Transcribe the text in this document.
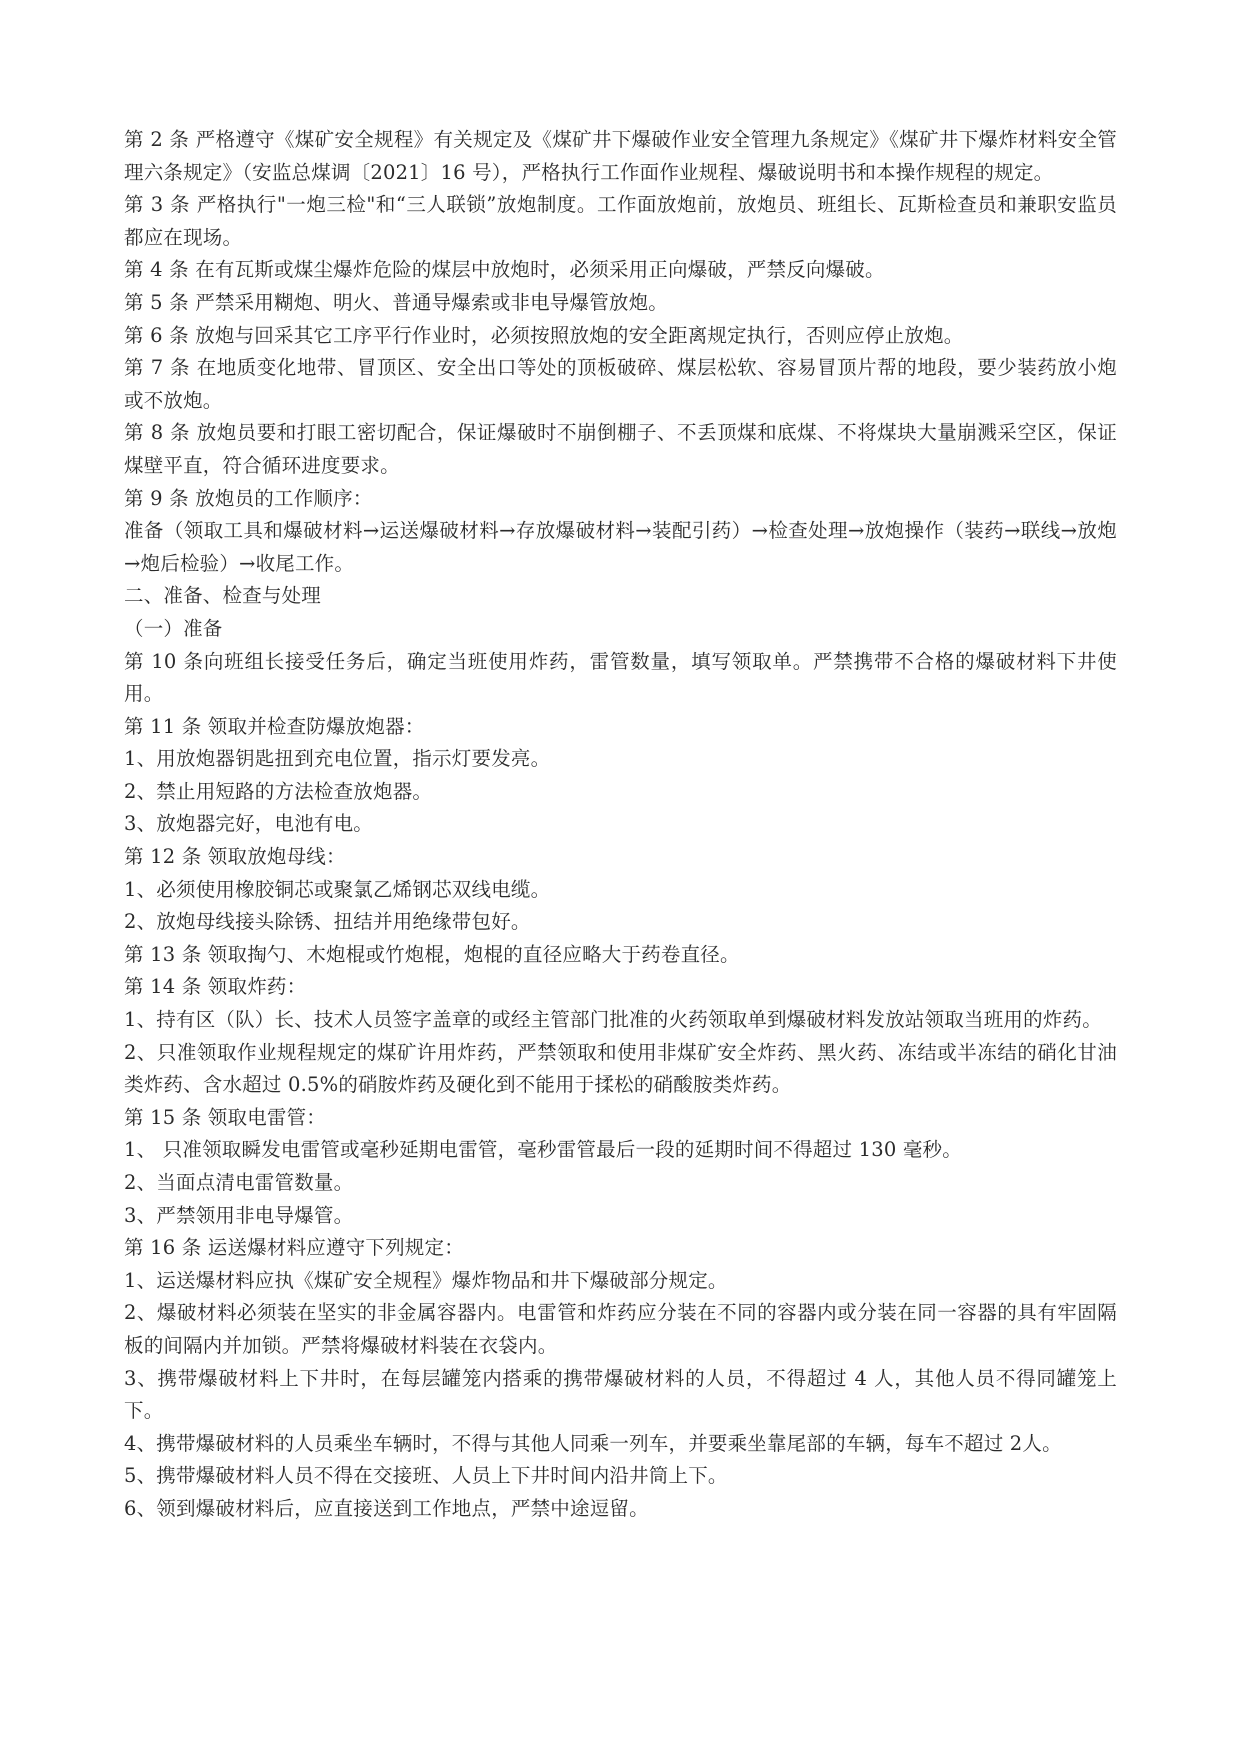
第 2 条 严格遵守《煤矿安全规程》有关规定及《煤矿井下爆破作业安全管理九条规定》《煤矿井下爆炸材料安全管理六条规定》（安监总煤调〔2021〕16 号），严格执行工作面作业规程、爆破说明书和本操作规程的规定。

第 3 条 严格执行"一炮三检"和“三人联锁”放炮制度。工作面放炮前，放炮员、班组长、瓦斯检查员和兼职安监员都应在现场。

第 4 条 在有瓦斯或煤尘爆炸危险的煤层中放炮时，必须采用正向爆破，严禁反向爆破。

第 5 条 严禁采用糊炮、明火、普通导爆索或非电导爆管放炮。

第 6 条 放炮与回采其它工序平行作业时，必须按照放炮的安全距离规定执行，否则应停止放炮。

第 7 条 在地质变化地带、冒顶区、安全出口等处的顶板破碎、煤层松软、容易冒顶片帮的地段，要少装药放小炮或不放炮。

第 8 条 放炮员要和打眼工密切配合，保证爆破时不崩倒棚子、不丢顶煤和底煤、不将煤块大量崩溅采空区，保证煤壁平直，符合循环进度要求。

第 9 条 放炮员的工作顺序：

准备（领取工具和爆破材料→运送爆破材料→存放爆破材料→装配引药）→检查处理→放炮操作（装药→联线→放炮→炮后检验）→收尾工作。

二、准备、检查与处理

（一）准备

第 10 条向班组长接受任务后，确定当班使用炸药，雷管数量，填写领取单。严禁携带不合格的爆破材料下井使用。

第 11 条 领取并检查防爆放炮器：

1、用放炮器钥匙扭到充电位置，指示灯要发亮。

2、禁止用短路的方法检查放炮器。

3、放炮器完好，电池有电。

第 12 条 领取放炮母线：

1、必须使用橡胶铜芯或聚氯乙烯钢芯双线电缆。

2、放炮母线接头除锈、扭结并用绝缘带包好。

第 13 条 领取掏勺、木炮棍或竹炮棍，炮棍的直径应略大于药卷直径。

第 14 条 领取炸药：

1、持有区（队）长、技术人员签字盖章的或经主管部门批准的火药领取单到爆破材料发放站领取当班用的炸药。

2、只准领取作业规程规定的煤矿许用炸药，严禁领取和使用非煤矿安全炸药、黑火药、冻结或半冻结的硝化甘油类炸药、含水超过 0.5%的硝胺炸药及硬化到不能用于揉松的硝酸胺类炸药。

第 15 条 领取电雷管：

1、 只准领取瞬发电雷管或毫秒延期电雷管，毫秒雷管最后一段的延期时间不得超过 130 毫秒。

2、当面点清电雷管数量。

3、严禁领用非电导爆管。

第 16 条 运送爆材料应遵守下列规定：

1、运送爆材料应执《煤矿安全规程》爆炸物品和井下爆破部分规定。

2、爆破材料必须装在坚实的非金属容器内。电雷管和炸药应分装在不同的容器内或分装在同一容器的具有牢固隔板的间隔内并加锁。严禁将爆破材料装在衣袋内。

3、携带爆破材料上下井时，在每层罐笼内搭乘的携带爆破材料的人员，不得超过 4 人，其他人员不得同罐笼上下。

4、携带爆破材料的人员乘坐车辆时，不得与其他人同乘一列车，并要乘坐靠尾部的车辆，每车不超过 2人。

5、携带爆破材料人员不得在交接班、人员上下井时间内沿井筒上下。

6、领到爆破材料后，应直接送到工作地点，严禁中途逗留。
